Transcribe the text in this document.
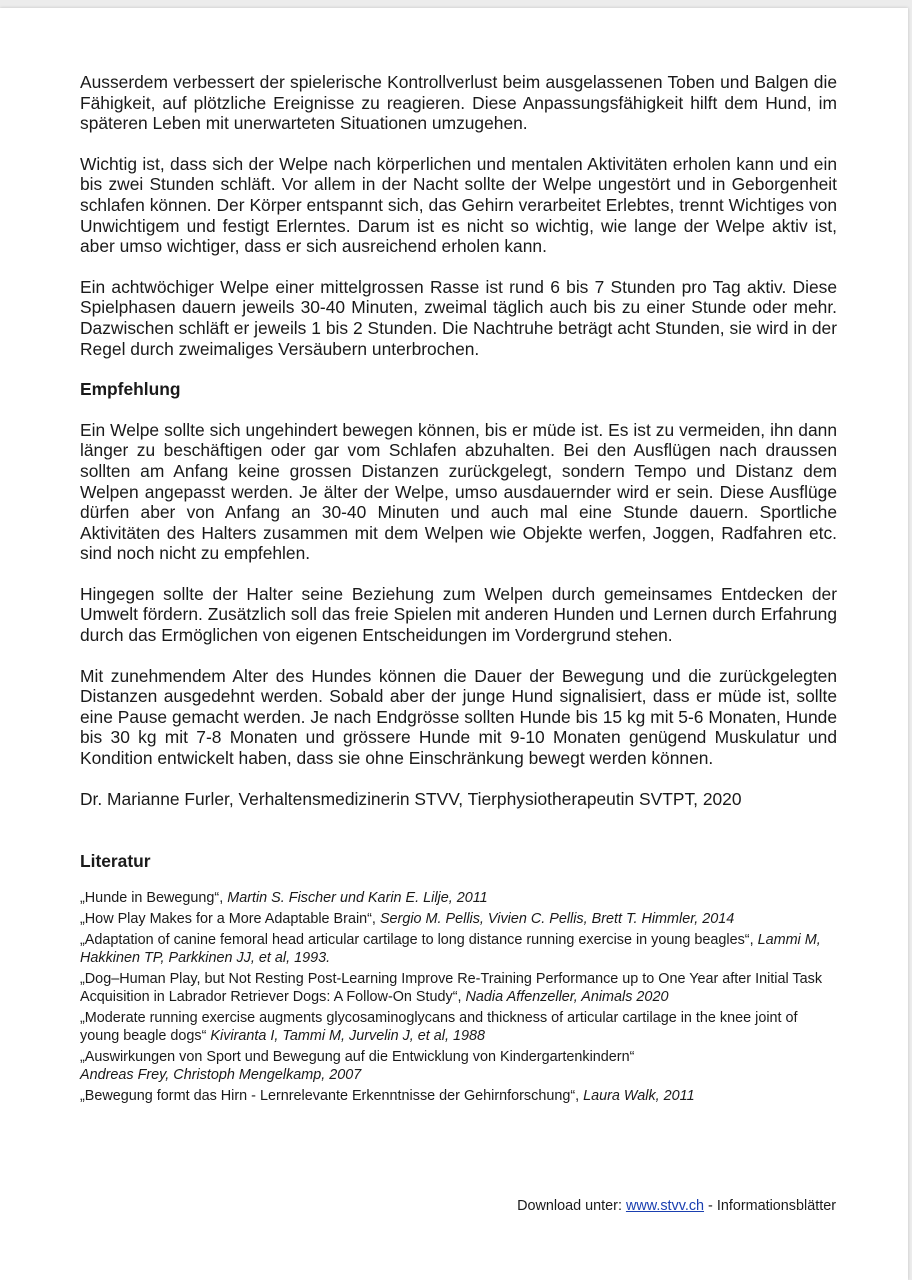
Ausserdem verbessert der spielerische Kontrollverlust beim ausgelassenen Toben und Balgen die Fähigkeit, auf plötzliche Ereignisse zu reagieren. Diese Anpassungsfähigkeit hilft dem Hund, im späteren Leben mit unerwarteten Situationen umzugehen.

Wichtig ist, dass sich der Welpe nach körperlichen und mentalen Aktivitäten erholen kann und ein bis zwei Stunden schläft. Vor allem in der Nacht sollte der Welpe ungestört und in Geborgenheit schlafen können. Der Körper entspannt sich, das Gehirn verarbeitet Erlebtes, trennt Wichtiges von Unwichtigem und festigt Erlerntes. Darum ist es nicht so wichtig, wie lange der Welpe aktiv ist, aber umso wichtiger, dass er sich ausreichend erholen kann.

Ein achtwöchiger Welpe einer mittelgrossen Rasse ist rund 6 bis 7 Stunden pro Tag aktiv. Diese Spielphasen dauern jeweils 30-40 Minuten, zweimal täglich auch bis zu einer Stunde oder mehr. Dazwischen schläft er jeweils 1 bis 2 Stunden. Die Nachtruhe beträgt acht Stunden, sie wird in der Regel durch zweimaliges Versäubern unterbrochen.

Empfehlung

Ein Welpe sollte sich ungehindert bewegen können, bis er müde ist. Es ist zu vermeiden, ihn dann länger zu beschäftigen oder gar vom Schlafen abzuhalten. Bei den Ausflügen nach draussen sollten am Anfang keine grossen Distanzen zurückgelegt, sondern Tempo und Distanz dem Welpen angepasst werden. Je älter der Welpe, umso ausdauernder wird er sein. Diese Ausflüge dürfen aber von Anfang an 30-40 Minuten und auch mal eine Stunde dauern. Sportliche Aktivitäten des Halters zusammen mit dem Welpen wie Objekte werfen, Joggen, Radfahren etc. sind noch nicht zu empfehlen.

Hingegen sollte der Halter seine Beziehung zum Welpen durch gemeinsames Entdecken der Umwelt fördern. Zusätzlich soll das freie Spielen mit anderen Hunden und Lernen durch Erfahrung durch das Ermöglichen von eigenen Entscheidungen im Vordergrund stehen.

Mit zunehmendem Alter des Hundes können die Dauer der Bewegung und die zurückgelegten Distanzen ausgedehnt werden. Sobald aber der junge Hund signalisiert, dass er müde ist, sollte eine Pause gemacht werden. Je nach Endgrösse sollten Hunde bis 15 kg mit 5-6 Monaten, Hunde bis 30 kg mit 7-8 Monaten und grössere Hunde mit 9-10 Monaten genügend Muskulatur und Kondition entwickelt haben, dass sie ohne Einschränkung bewegt werden können.

Dr. Marianne Furler, Verhaltensmedizinerin STVV, Tierphysiotherapeutin SVTPT, 2020

Literatur

„Hunde in Bewegung“, Martin S. Fischer und Karin E. Lilje, 2011

„How Play Makes for a More Adaptable Brain“, Sergio M. Pellis, Vivien C. Pellis, Brett T. Himmler, 2014

„Adaptation of canine femoral head articular cartilage to long distance running exercise in young beagles“, Lammi M, Hakkinen TP, Parkkinen JJ, et al, 1993.

„Dog–Human Play, but Not Resting Post-Learning Improve Re-Training Performance up to One Year after Initial Task Acquisition in Labrador Retriever Dogs: A Follow-On Study“, Nadia Affenzeller, Animals 2020

„Moderate running exercise augments glycosaminoglycans and thickness of articular cartilage in the knee joint of young beagle dogs“ Kiviranta I, Tammi M, Jurvelin J, et al, 1988

„Auswirkungen von Sport und Bewegung auf die Entwicklung von Kindergartenkindern“
Andreas Frey, Christoph Mengelkamp, 2007

„Bewegung formt das Hirn - Lernrelevante Erkenntnisse der Gehirnforschung“, Laura Walk, 2011

Download unter: www.stvv.ch - Informationsblätter
